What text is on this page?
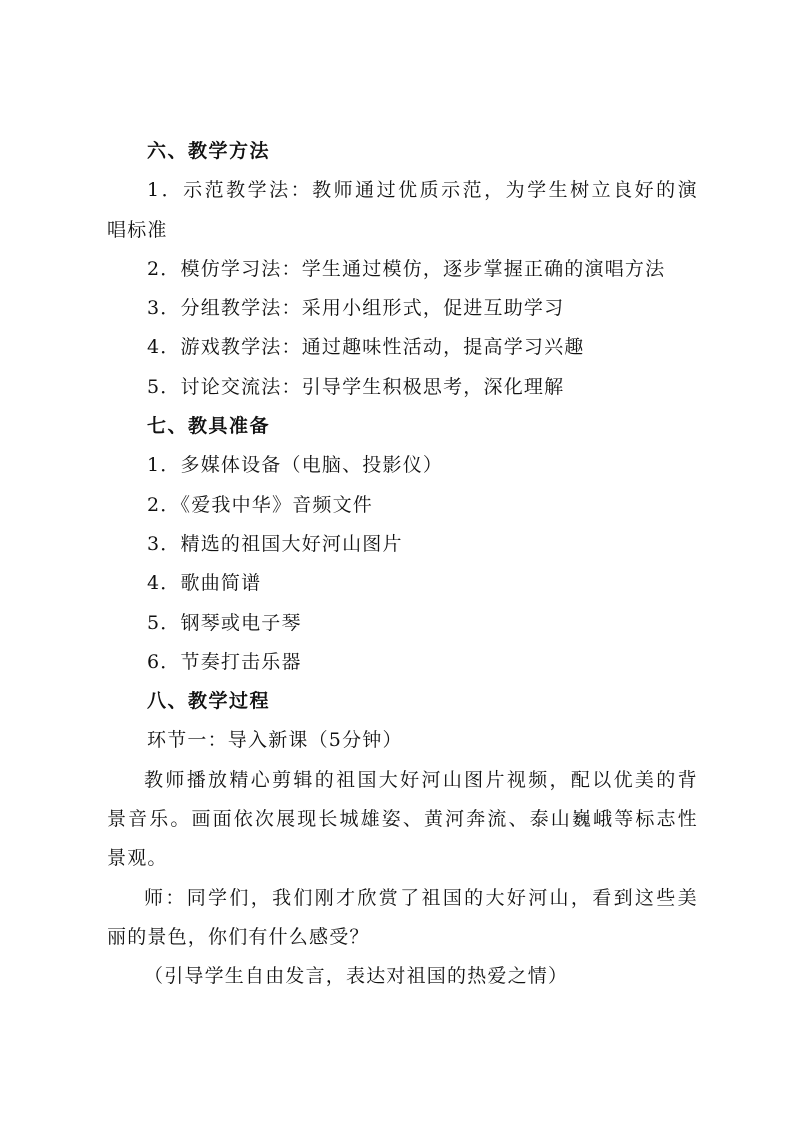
六、教学方法
1．示范教学法：教师通过优质示范，为学生树立良好的演
唱标准
2．模仿学习法：学生通过模仿，逐步掌握正确的演唱方法
3．分组教学法：采用小组形式，促进互助学习
4．游戏教学法：通过趣味性活动，提高学习兴趣
5．讨论交流法：引导学生积极思考，深化理解
七、教具准备
1．多媒体设备（电脑、投影仪）
2．《爱我中华》音频文件
3．精选的祖国大好河山图片
4．歌曲简谱
5．钢琴或电子琴
6．节奏打击乐器
八、教学过程
环节一：导入新课（5分钟）
教师播放精心剪辑的祖国大好河山图片视频，配以优美的背
景音乐。画面依次展现长城雄姿、黄河奔流、泰山巍峨等标志性
景观。
师：同学们，我们刚才欣赏了祖国的大好河山，看到这些美
丽的景色，你们有什么感受？
（引导学生自由发言，表达对祖国的热爱之情）
